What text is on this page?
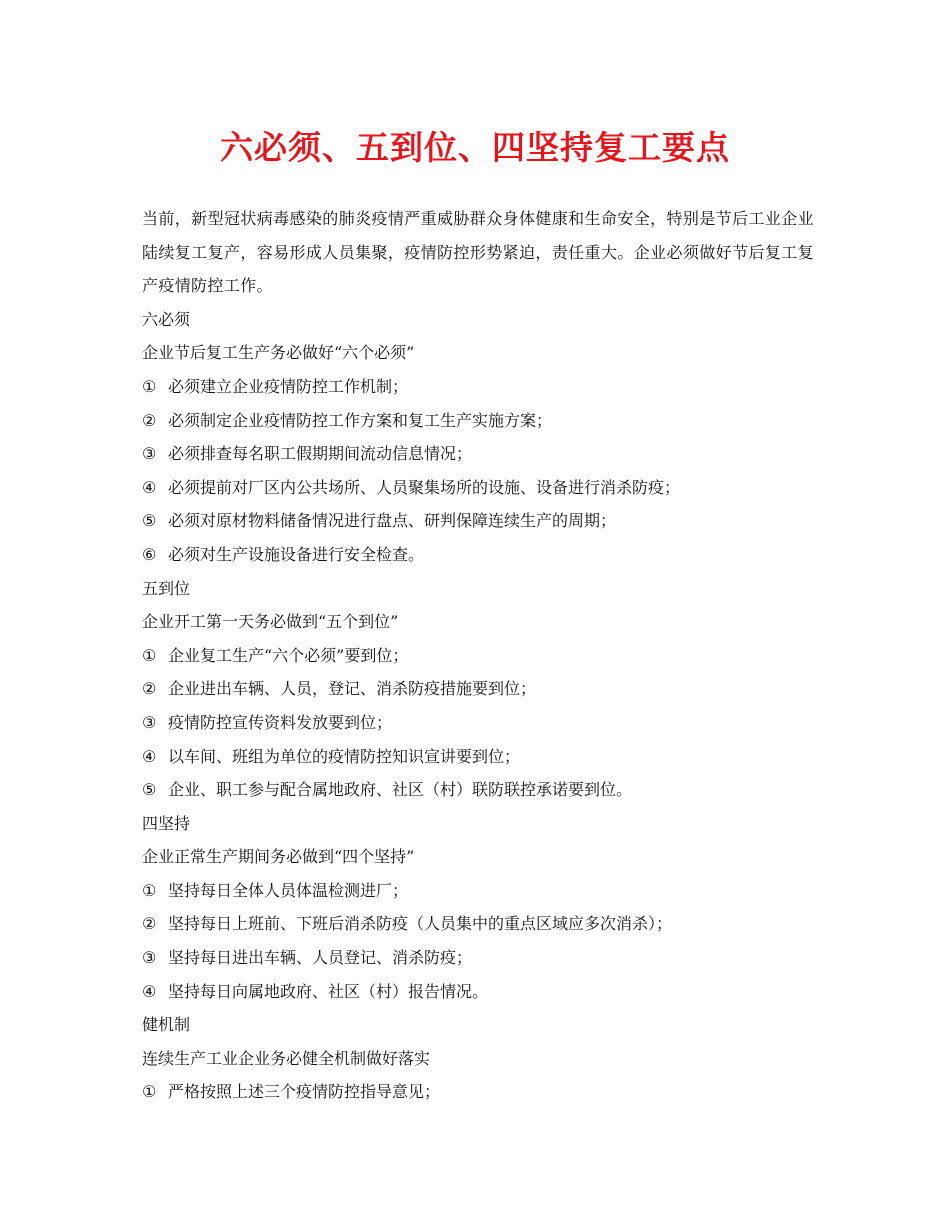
六必须、五到位、四坚持复工要点

当前，新型冠状病毒感染的肺炎疫情严重威胁群众身体健康和生命安全，特别是节后工业企业陆续复工复产，容易形成人员集聚，疫情防控形势紧迫，责任重大。企业必须做好节后复工复产疫情防控工作。

六必须

企业节后复工生产务必做好“六个必须”

① 必须建立企业疫情防控工作机制；

② 必须制定企业疫情防控工作方案和复工生产实施方案；

③ 必须排查每名职工假期期间流动信息情况；

④ 必须提前对厂区内公共场所、人员聚集场所的设施、设备进行消杀防疫；

⑤ 必须对原材物料储备情况进行盘点、研判保障连续生产的周期；

⑥ 必须对生产设施设备进行安全检查。

五到位

企业开工第一天务必做到“五个到位”

① 企业复工生产“六个必须”要到位；

② 企业进出车辆、人员，登记、消杀防疫措施要到位；

③ 疫情防控宣传资料发放要到位；

④ 以车间、班组为单位的疫情防控知识宣讲要到位；

⑤ 企业、职工参与配合属地政府、社区（村）联防联控承诺要到位。

四坚持

企业正常生产期间务必做到“四个坚持”

① 坚持每日全体人员体温检测进厂；

② 坚持每日上班前、下班后消杀防疫（人员集中的重点区域应多次消杀）；

③ 坚持每日进出车辆、人员登记、消杀防疫；

④ 坚持每日向属地政府、社区（村）报告情况。

健机制

连续生产工业企业务必健全机制做好落实

① 严格按照上述三个疫情防控指导意见；
